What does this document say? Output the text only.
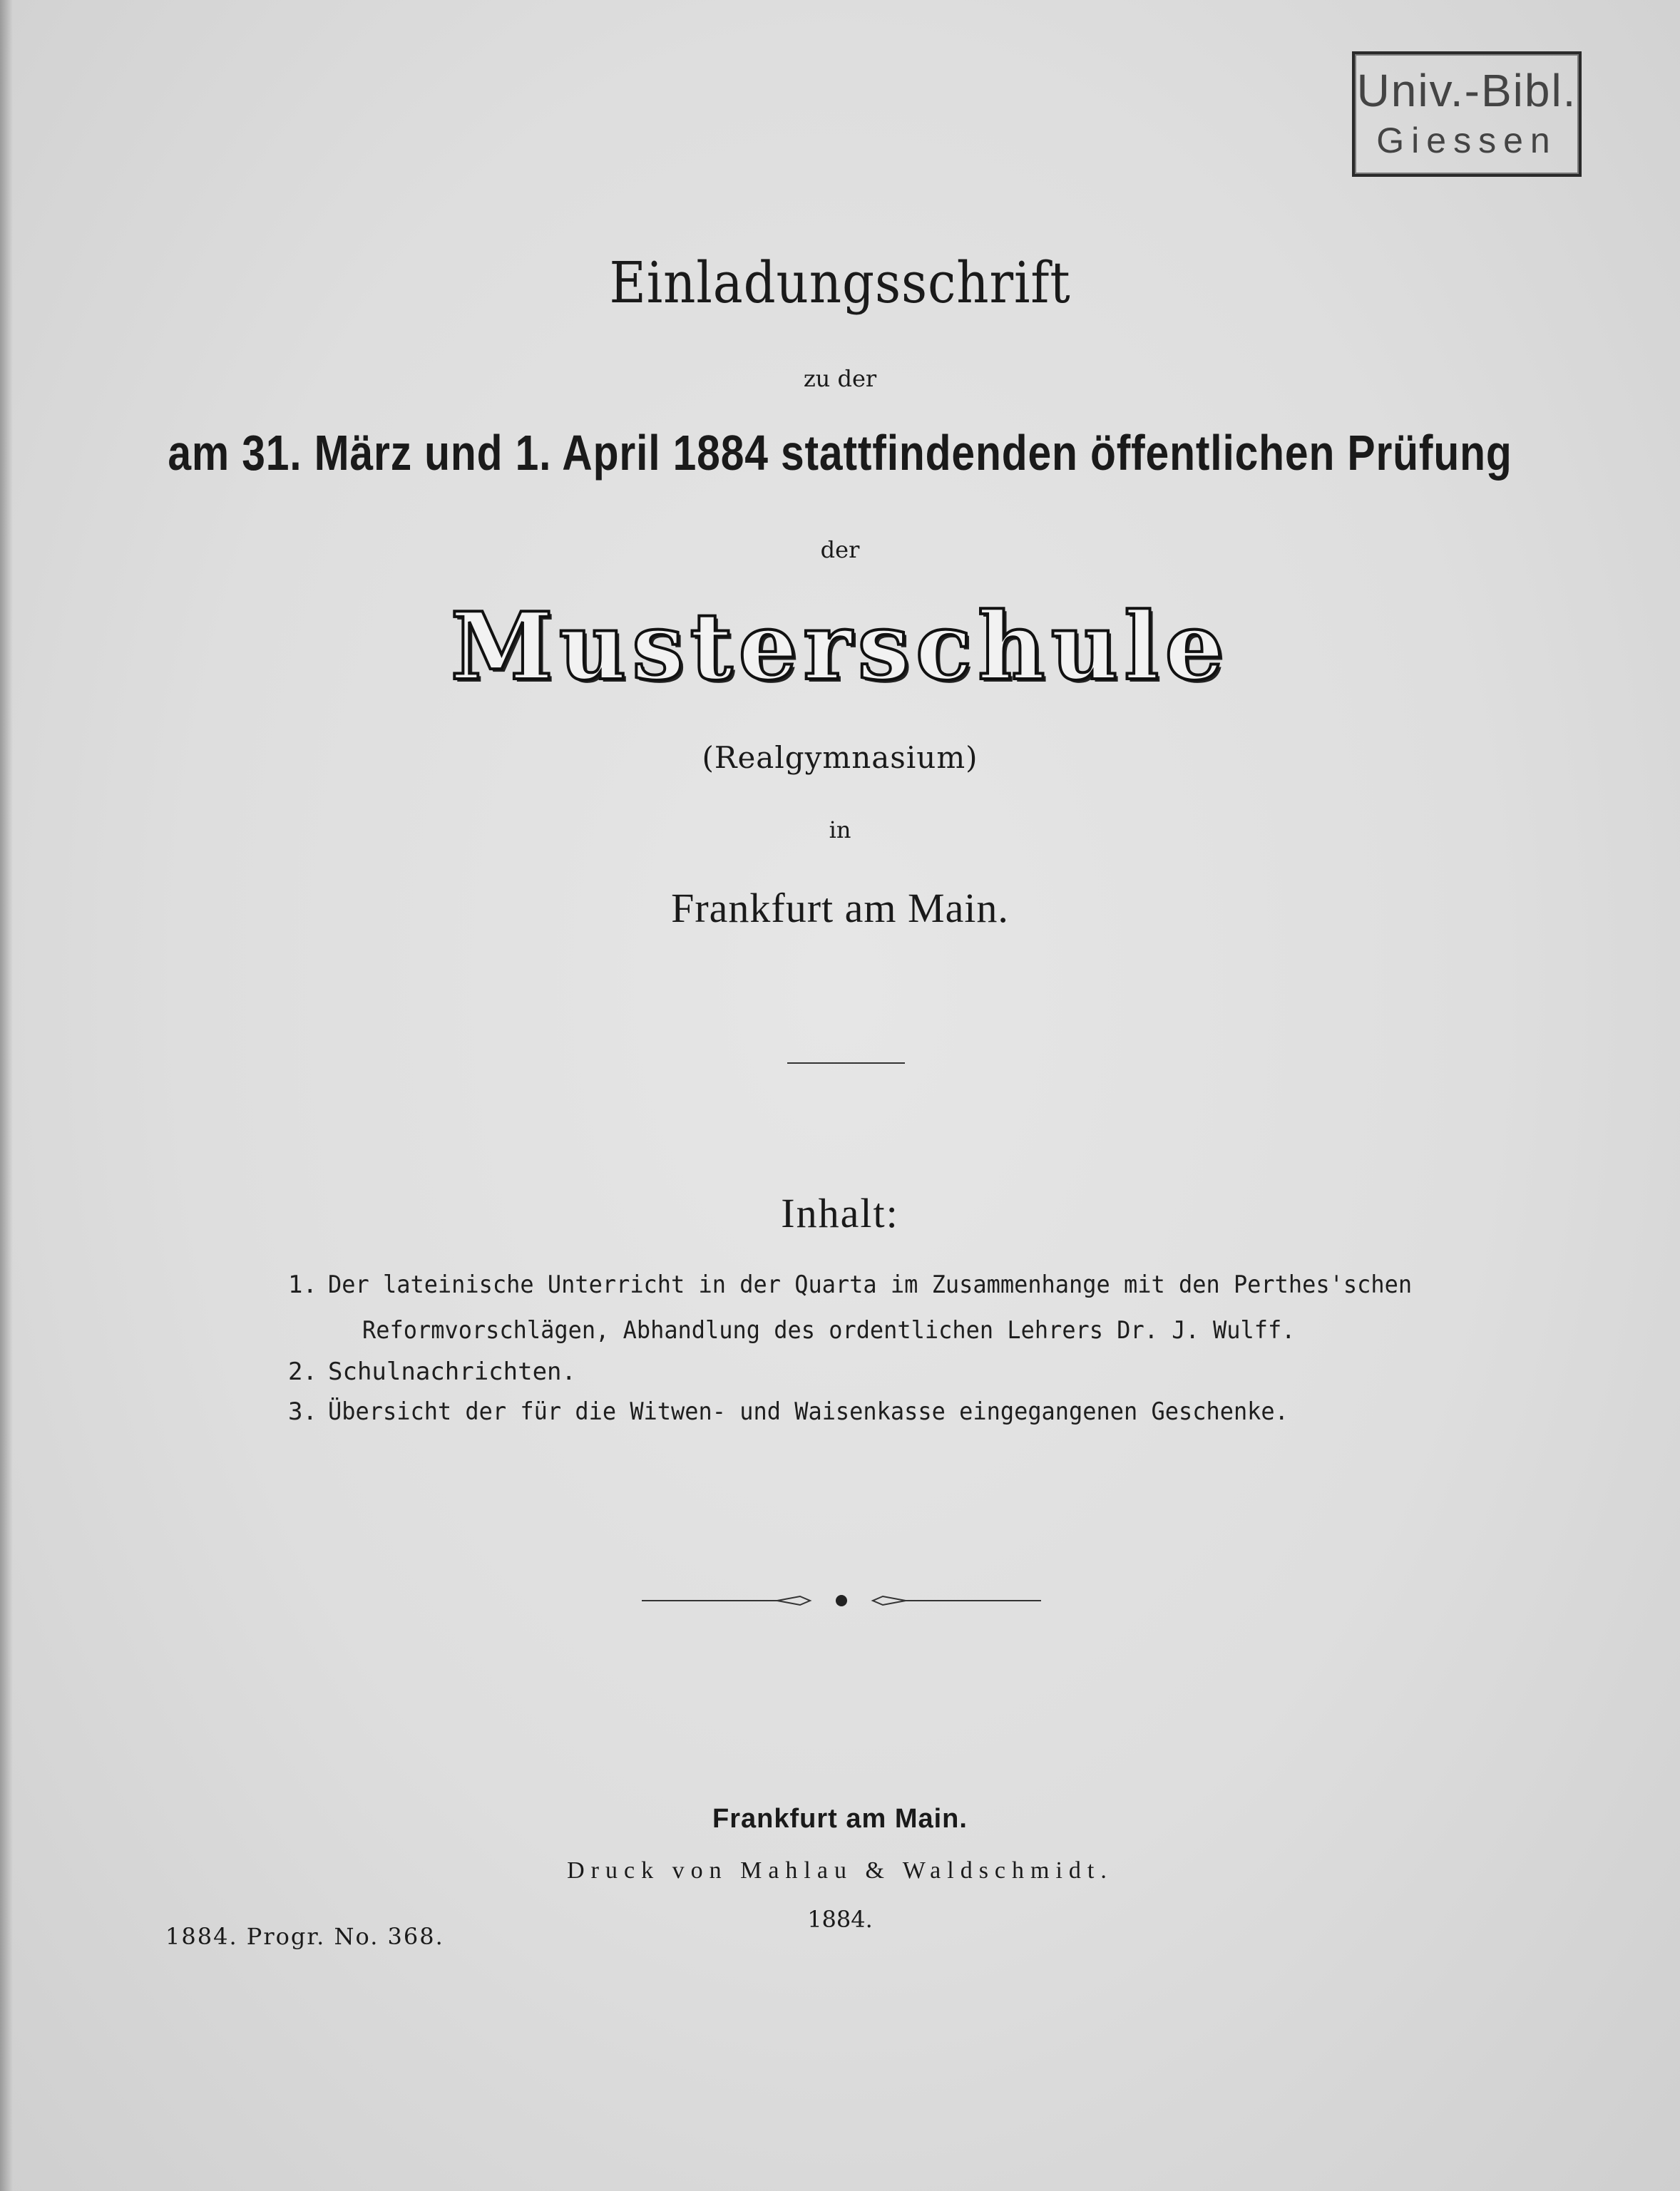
Univ.-Bibl.
Giessen
Einladungsschrift
zu der
am 31. März und 1. April 1884 stattfindenden öffentlichen Prüfung
der
Musterschule
(Realgymnasium)
in
Frankfurt am Main.
Inhalt:
1. Der lateinische Unterricht in der Quarta im Zusammenhange mit den Perthes'schen
Reformvorschlägen, Abhandlung des ordentlichen Lehrers Dr. J. Wulff.
2. Schulnachrichten.
3. Übersicht der für die Witwen- und Waisenkasse eingegangenen Geschenke.
Frankfurt am Main.
Druck von Mahlau & Waldschmidt.
1884.
1884. Progr. No. 368.
